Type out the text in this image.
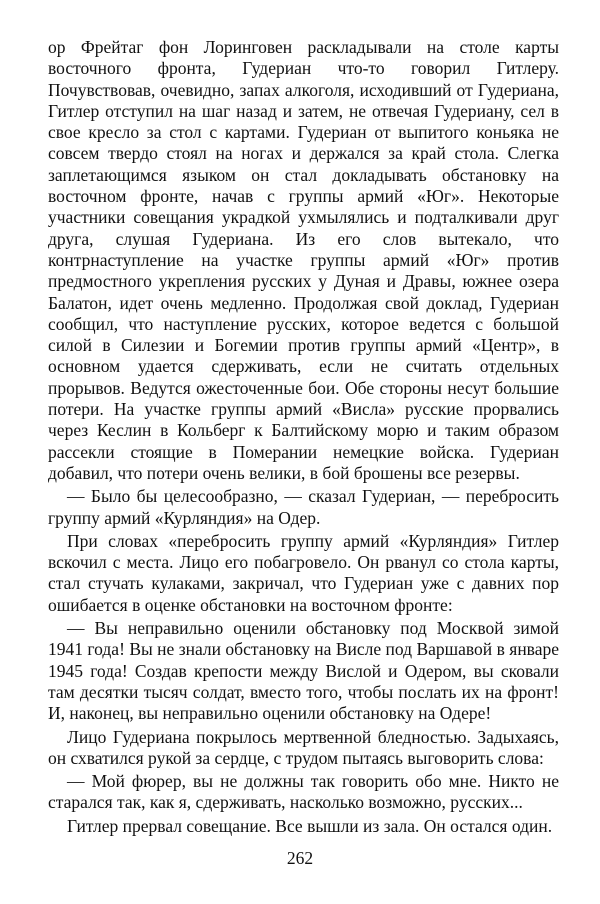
ор Фрейтаг фон Лоринговен раскладывали на столе карты восточного фронта, Гудериан что-то говорил Гитлеру. Почувствовав, очевидно, запах алкоголя, исходивший от Гудериана, Гитлер отступил на шаг назад и затем, не отвечая Гудериану, сел в свое кресло за стол с картами. Гудериан от выпитого коньяка не совсем твердо стоял на ногах и держался за край стола. Слегка заплетающимся языком он стал докладывать обстановку на восточном фронте, начав с группы армий «Юг». Некоторые участники совещания украдкой ухмылялись и подталкивали друг друга, слушая Гудериана. Из его слов вытекало, что контрнаступление на участке группы армий «Юг» против предмостного укрепления русских у Дуная и Дравы, южнее озера Балатон, идет очень медленно. Продолжая свой доклад, Гудериан сообщил, что наступление русских, которое ведется с большой силой в Силезии и Богемии против группы армий «Центр», в основном удается сдерживать, если не считать отдельных прорывов. Ведутся ожесточенные бои. Обе стороны несут большие потери. На участке группы армий «Висла» русские прорвались через Кеслин в Кольберг к Балтийскому морю и таким образом рассекли стоящие в Померании немецкие войска. Гудериан добавил, что потери очень велики, в бой брошены все резервы.

— Было бы целесообразно, — сказал Гудериан, — перебросить группу армий «Курляндия» на Одер.

При словах «перебросить группу армий «Курляндия» Гитлер вскочил с места. Лицо его побагровело. Он рванул со стола карты, стал стучать кулаками, закричал, что Гудериан уже с давних пор ошибается в оценке обстановки на восточном фронте:

— Вы неправильно оценили обстановку под Москвой зимой 1941 года! Вы не знали обстановку на Висле под Варшавой в январе 1945 года! Создав крепости между Вислой и Одером, вы сковали там десятки тысяч солдат, вместо того, чтобы послать их на фронт! И, наконец, вы неправильно оценили обстановку на Одере!

Лицо Гудериана покрылось мертвенной бледностью. Задыхаясь, он схватился рукой за сердце, с трудом пытаясь выговорить слова:

— Мой фюрер, вы не должны так говорить обо мне. Никто не старался так, как я, сдерживать, насколько возможно, русских...

Гитлер прервал совещание. Все вышли из зала. Он остался один.

262
